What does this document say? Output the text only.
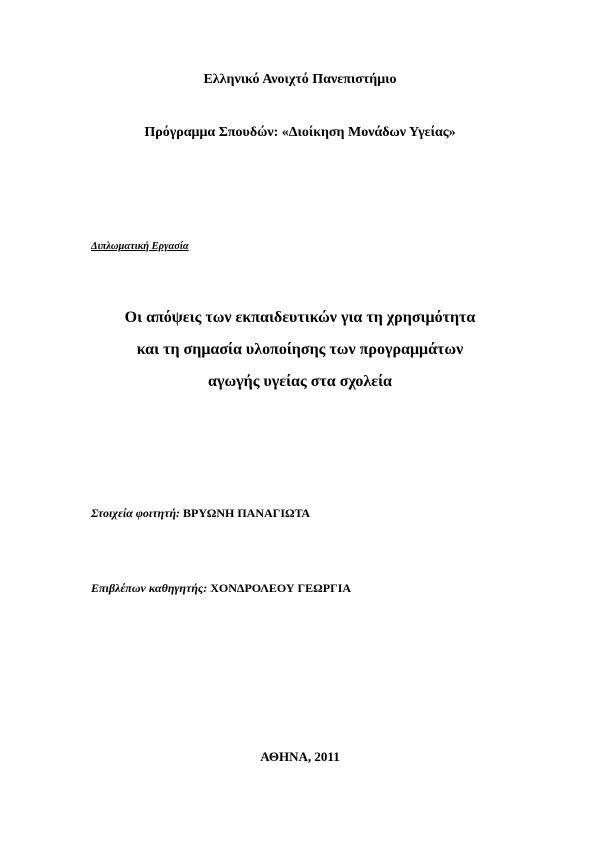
Ελληνικό Ανοιχτό Πανεπιστήμιο
Πρόγραμμα Σπουδών: «Διοίκηση Μονάδων Υγείας»
Διπλωματική Εργασία
Οι απόψεις των εκπαιδευτικών για τη χρησιμότητα
και τη σημασία υλοποίησης των προγραμμάτων
αγωγής υγείας στα σχολεία
Στοιχεία φοιτητή: ΒΡΥΩΝΗ ΠΑΝΑΓΙΩΤΑ
Επιβλέπων καθηγητής: ΧΟΝΔΡΟΛΕΟΥ ΓΕΩΡΓΙΑ
ΑΘΗΝΑ, 2011
